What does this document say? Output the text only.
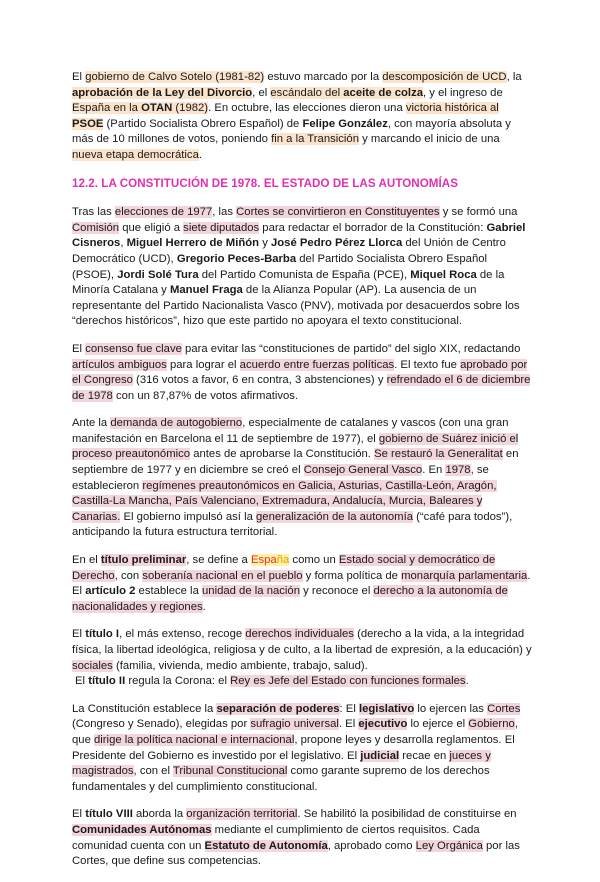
El gobierno de Calvo Sotelo (1981-82) estuvo marcado por la descomposición de UCD, la aprobación de la Ley del Divorcio, el escándalo del aceite de colza, y el ingreso de España en la OTAN (1982). En octubre, las elecciones dieron una victoria histórica al PSOE (Partido Socialista Obrero Español) de Felipe González, con mayoría absoluta y más de 10 millones de votos, poniendo fin a la Transición y marcando el inicio de una nueva etapa democrática.

12.2. LA CONSTITUCIÓN DE 1978. EL ESTADO DE LAS AUTONOMÍAS

Tras las elecciones de 1977, las Cortes se convirtieron en Constituyentes y se formó una Comisión que eligió a siete diputados para redactar el borrador de la Constitución: Gabriel Cisneros, Miguel Herrero de Miñón y José Pedro Pérez Llorca del Unión de Centro Democrático (UCD), Gregorio Peces-Barba del Partido Socialista Obrero Español (PSOE), Jordi Solé Tura del Partido Comunista de España (PCE), Miquel Roca de la Minoría Catalana y Manuel Fraga de la Alianza Popular (AP). La ausencia de un representante del Partido Nacionalista Vasco (PNV), motivada por desacuerdos sobre los “derechos históricos”, hizo que este partido no apoyara el texto constitucional.

El consenso fue clave para evitar las “constituciones de partido” del siglo XIX, redactando artículos ambiguos para lograr el acuerdo entre fuerzas políticas. El texto fue aprobado por el Congreso (316 votos a favor, 6 en contra, 3 abstenciones) y refrendado el 6 de diciembre de 1978 con un 87,87% de votos afirmativos.

Ante la demanda de autogobierno, especialmente de catalanes y vascos (con una gran manifestación en Barcelona el 11 de septiembre de 1977), el gobierno de Suárez inició el proceso preautonómico antes de aprobarse la Constitución. Se restauró la Generalitat en septiembre de 1977 y en diciembre se creó el Consejo General Vasco. En 1978, se establecieron regímenes preautonómicos en Galicia, Asturias, Castilla-León, Aragón, Castilla-La Mancha, País Valenciano, Extremadura, Andalucía, Murcia, Baleares y Canarias. El gobierno impulsó así la generalización de la autonomía (“café para todos”), anticipando la futura estructura territorial.

En el título preliminar, se define a España como un Estado social y democrático de Derecho, con soberanía nacional en el pueblo y forma política de monarquía parlamentaria. El artículo 2 establece la unidad de la nación y reconoce el derecho a la autonomía de nacionalidades y regiones.

El título I, el más extenso, recoge derechos individuales (derecho a la vida, a la integridad física, la libertad ideológica, religiosa y de culto, a la libertad de expresión, a la educación) y sociales (familia, vivienda, medio ambiente, trabajo, salud).

El título II regula la Corona: el Rey es Jefe del Estado con funciones formales.

La Constitución establece la separación de poderes: El legislativo lo ejercen las Cortes (Congreso y Senado), elegidas por sufragio universal. El ejecutivo lo ejerce el Gobierno, que dirige la política nacional e internacional, propone leyes y desarrolla reglamentos. El Presidente del Gobierno es investido por el legislativo. El judicial recae en jueces y magistrados, con el Tribunal Constitucional como garante supremo de los derechos fundamentales y del cumplimiento constitucional.

El título VIII aborda la organización territorial. Se habilitó la posibilidad de constituirse en Comunidades Autónomas mediante el cumplimiento de ciertos requisitos. Cada comunidad cuenta con un Estatuto de Autonomía, aprobado como Ley Orgánica por las Cortes, que define sus competencias.
